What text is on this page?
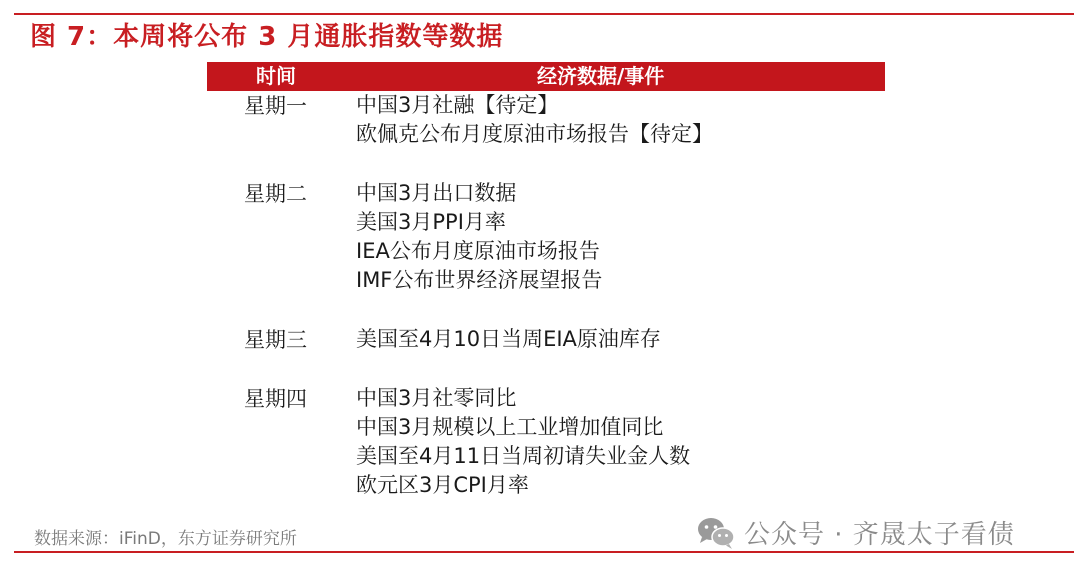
图 7：本周将公布 3 月通胀指数等数据
时间	经济数据/事件
星期一 中国3月社融【待定】
欧佩克公布月度原油市场报告【待定】
星期二 中国3月出口数据
美国3月PPI月率
IEA公布月度原油市场报告
IMF公布世界经济展望报告
星期三 美国至4月10日当周EIA原油库存
星期四 中国3月社零同比
中国3月规模以上工业增加值同比
美国至4月11日当周初请失业金人数
欧元区3月CPI月率
数据来源：iFinD，东方证券研究所	公众号 · 齐晟太子看债
